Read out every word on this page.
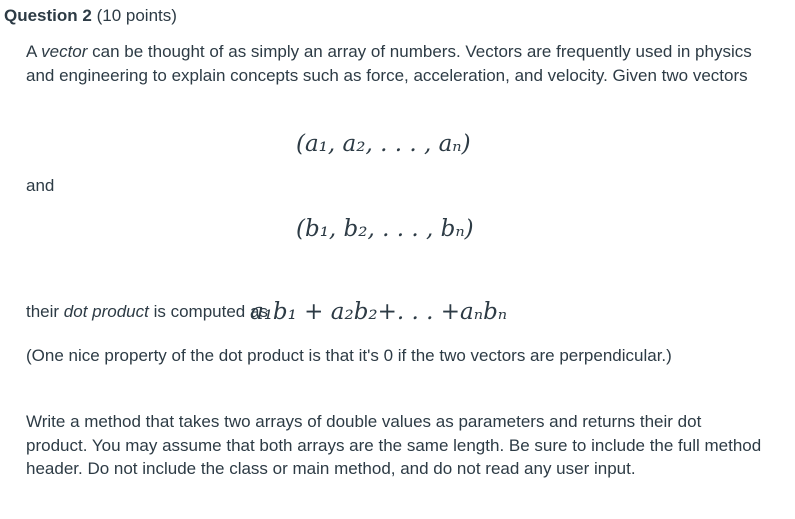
Question 2 (10 points)

A vector can be thought of as simply an array of numbers. Vectors are frequently used in physics and engineering to explain concepts such as force, acceleration, and velocity. Given two vectors

and

their dot product is computed as

(One nice property of the dot product is that it's 0 if the two vectors are perpendicular.)

Write a method that takes two arrays of double values as parameters and returns their dot product. You may assume that both arrays are the same length. Be sure to include the full method header. Do not include the class or main method, and do not read any user input.

(a₁, a₂, . . . , aₙ)
(b₁, b₂, . . . , bₙ)
a₁b₁ + a₂b₂+. . . +aₙbₙ
